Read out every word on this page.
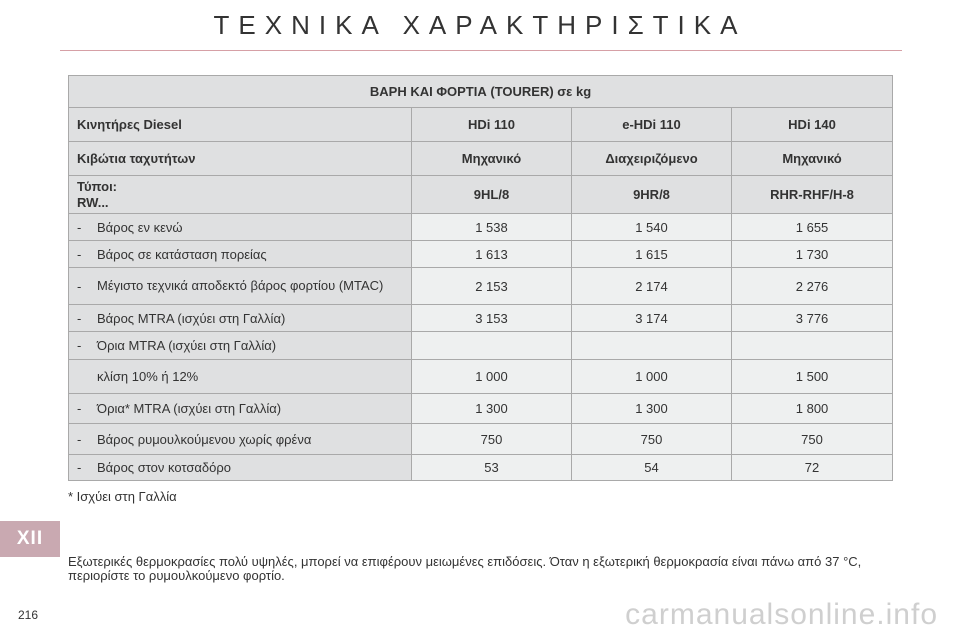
ΤΕΧΝΙΚΑ ΧΑΡΑΚΤΗΡΙΣΤΙΚΑ
ΒΑΡΗ ΚΑΙ ΦΟΡΤΙΑ (TOURER) σε kg			
Κινητήρες Diesel	HDi 110	e-HDi 110	HDi 140
Κιβώτια ταχυτήτων	Μηχανικό	Διαχειριζόμενο	Μηχανικό

Τύποι:
RW...	9HL/8	9HR/8	RHR-RHF/H-8

- Βάρος εν κενώ	1 538	1 540	1 655

- Βάρος σε κατάσταση πορείας	1 613	1 615	1 730

- Μέγιστο τεχνικά αποδεκτό βάρος φορτίου (MTAC)	2 153	2 174	2 276

- Βάρος MTRA (ισχύει στη Γαλλία)	3 153	3 174	3 776

- Όρια MTRA (ισχύει στη Γαλλία)			

κλίση 10% ή 12%	1 000	1 000	1 500

- Όρια* MTRA (ισχύει στη Γαλλία)	1 300	1 300	1 800

- Βάρος ρυμουλκούμενου χωρίς φρένα	750	750	750

- Βάρος στον κοτσαδόρο	53	54	72
* Ισχύει στη Γαλλία
XII
Εξωτερικές θερμοκρασίες πολύ υψηλές, μπορεί να επιφέρουν μειωμένες επιδόσεις. Όταν η εξωτερική θερμοκρασία είναι πάνω από 37 °C, περιορίστε το ρυμουλκούμενο φορτίο.
216	carmanualsonline.info
